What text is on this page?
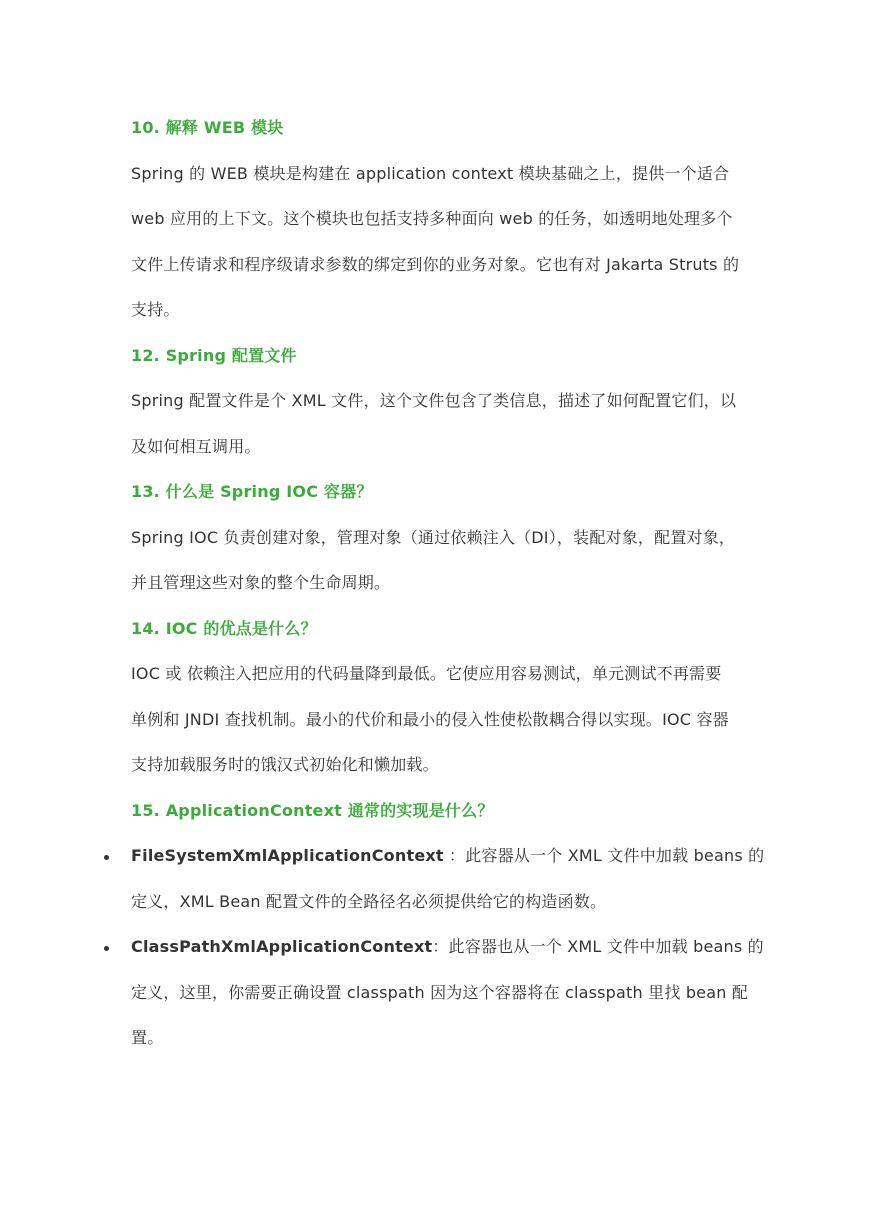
10. 解释 WEB 模块
Spring 的 WEB 模块是构建在 application context 模块基础之上，提供一个适合
web 应用的上下文。这个模块也包括支持多种面向 web 的任务，如透明地处理多个
文件上传请求和程序级请求参数的绑定到你的业务对象。它也有对 Jakarta Struts 的
支持。
12. Spring 配置文件
Spring 配置文件是个 XML 文件，这个文件包含了类信息，描述了如何配置它们，以
及如何相互调用。
13. 什么是 Spring IOC 容器？
Spring IOC 负责创建对象，管理对象（通过依赖注入（DI），装配对象，配置对象，
并且管理这些对象的整个生命周期。
14. IOC 的优点是什么？
IOC 或 依赖注入把应用的代码量降到最低。它使应用容易测试，单元测试不再需要
单例和 JNDI 查找机制。最小的代价和最小的侵入性使松散耦合得以实现。IOC 容器
支持加载服务时的饿汉式初始化和懒加载。
15. ApplicationContext 通常的实现是什么？
FileSystemXmlApplicationContext ：此容器从一个 XML 文件中加载 beans 的
定义，XML Bean 配置文件的全路径名必须提供给它的构造函数。
ClassPathXmlApplicationContext：此容器也从一个 XML 文件中加载 beans 的
定义，这里，你需要正确设置 classpath 因为这个容器将在 classpath 里找 bean 配
置。
